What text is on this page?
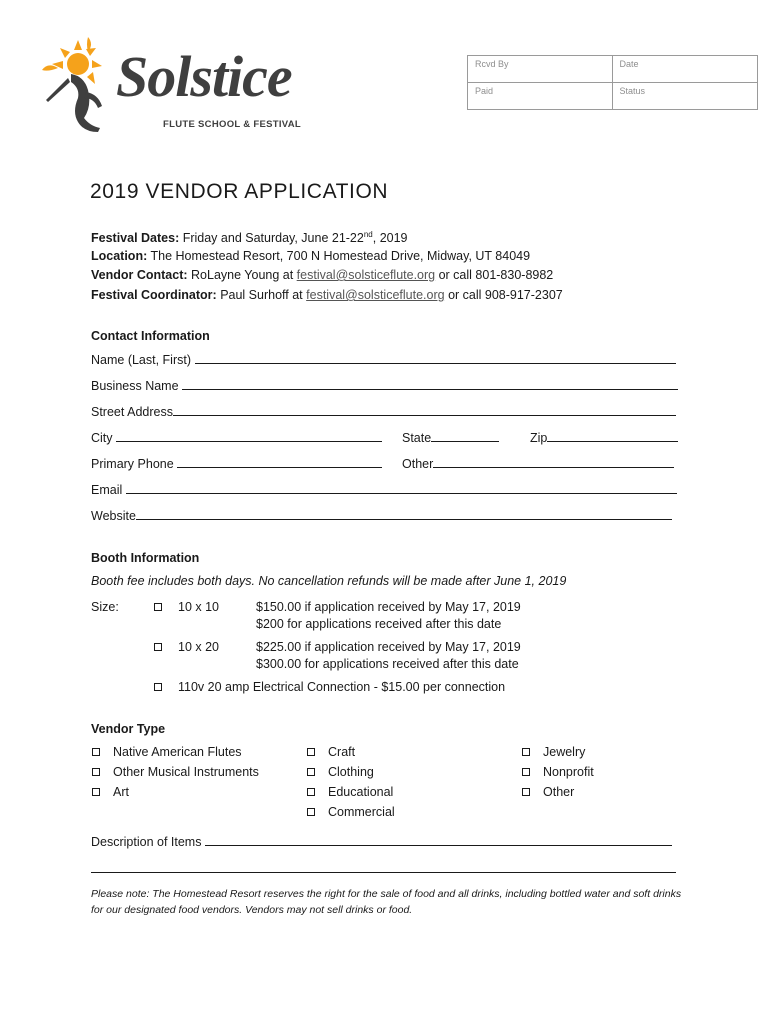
Solstice
FLUTE SCHOOL & FESTIVAL
Rcvd By	Date
Paid	Status
2019 VENDOR APPLICATION
Festival Dates: Friday and Saturday, June 21-22nd, 2019
Location: The Homestead Resort, 700 N Homestead Drive, Midway, UT 84049
Vendor Contact: RoLayne Young at festival@solsticeflute.org or call 801-830-8982
Festival Coordinator: Paul Surhoff at festival@solsticeflute.org or call 908-917-2307
Contact Information
Name (Last, First)
Business Name
Street Address
City	State	Zip
Primary Phone	Other
Email
Website
Booth Information
Booth fee includes both days. No cancellation refunds will be made after June 1, 2019
Size:	10 x 10	$150.00 if application received by May 17, 2019
$200 for applications received after this date
10 x 20	$225.00 if application received by May 17, 2019
$300.00 for applications received after this date
110v 20 amp Electrical Connection - $15.00 per connection
Vendor Type
Native American Flutes
Other Musical Instruments
Art
Craft
Clothing
Educational
Commercial
Jewelry
Nonprofit
Other
Description of Items
Please note: The Homestead Resort reserves the right for the sale of food and all drinks, including bottled water and soft drinks for our designated food vendors. Vendors may not sell drinks or food.
